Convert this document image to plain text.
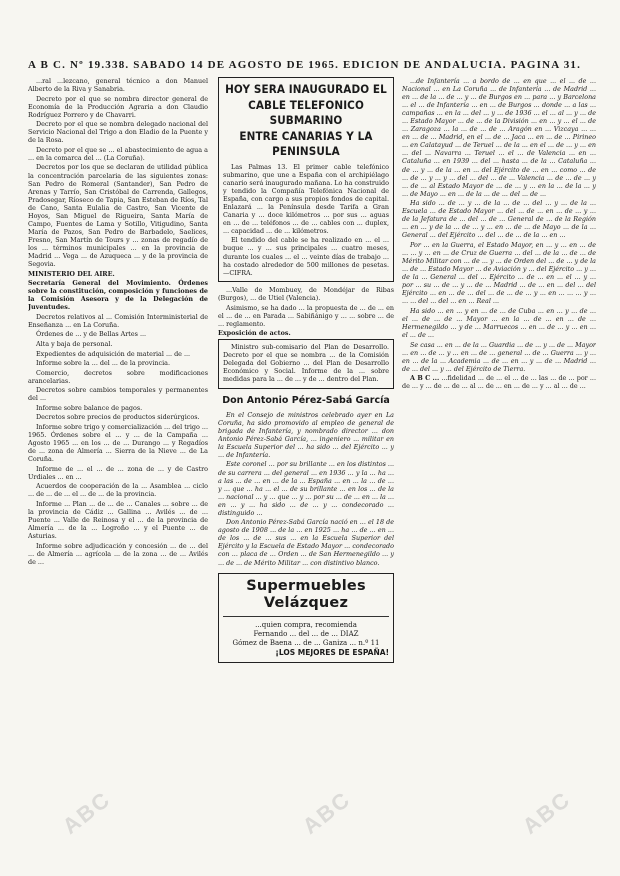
A B C. Nº 19.338. SABADO 14 DE AGOSTO DE 1965. EDICION DE ANDALUCIA. PAGINA 31.

...ral ...lezcano, general técnico a don Manuel Alberto de la Riva y Sanabria.

Decreto por el que se nombra director general de Economía de la Producción Agraria a don Claudio Rodríguez Porrero y de Chavarri.

Decreto por el que se nombra delegado nacional del Servicio Nacional del Trigo a don Eladio de la Puente y de la Rosa.

Decreto por el que se ... el abastecimiento de agua a ... en la comarca del ... (La Coruña).

Decretos por los que se declaran de utilidad pública la concentración parcelaria de las siguientes zonas: San Pedro de Romeral (Santander), San Pedro de Arenas y Tarrío, San Cristóbal de Carrenda, Gallegos, Pradosegar, Ríoseco de Tapia, San Esteban de Ríos, Tal de Cano, Santa Eulalia de Castro, San Vicente de Hoyos, San Miguel de Rigueira, Santa María de Campo, Fuentes de Lama y Sotillo, Vitigudino, Santa María de Pazos, San Pedro de Barbadelo, Saelices, Fresno, San Martín de Tours y ... zonas de regadío de los ... términos municipales ... en la provincia de Madrid ... Vega ... de Azuqueca ... y de la provincia de Segovia.

MINISTERIO DEL AIRE.

Secretaría General del Movimiento. Órdenes sobre la constitución, composición y funciones de la Comisión Asesora y de la Delegación de Juventudes.

Decretos relativos al ... Comisión Interministerial de Enseñanza ... en La Coruña.

Órdenes de ... y de Bellas Artes ...

Alta y baja de personal.

Expedientes de adquisición de material ... de ...

Informe sobre la ... del ... de la provincia.

Comercio, decretos sobre modificaciones arancelarias.

Decretos sobre cambios temporales y permanentes del ...

Informe sobre balance de pagos.

Decretos sobre precios de productos siderúrgicos.

Informe sobre trigo y comercialización ... del trigo ... 1965. Órdenes sobre el ... y ... de la Campaña ... Agosto 1965 ... en los ... de ... Durango ... y Regadíos de ... zona de Almería ... Sierra de la Nieve ... de La Coruña.

Informe de ... el ... de ... zona de ... y de Castro Urdiales ... en ...

Acuerdos de cooperación de la ... Asamblea ... ciclo ... de ... de ... el ... de ... de la provincia.

Informe ... Plan ... de ... de ... Canales ... sobre ... de la provincia de Cádiz ... Gallina ... Avilés ... de ... Puente ... Valle de Reinosa y el ... de la provincia de Almería ... de la ... Logroño ... y el Puente ... de Asturias.

Informe sobre adjudicación y concesión ... de ... del ... de Almería ... agrícola ... de la zona ... de ... Avilés de ...

HOY SERA INAUGURADO EL
CABLE TELEFONICO SUBMARINO
ENTRE CANARIAS Y LA PENINSULA

Las Palmas 13. El primer cable telefónico submarino, que une a España con el archipiélago canario será inaugurado mañana. Lo ha construido y tendido la Compañía Telefónica Nacional de España, con cargo a sus propios fondos de capital. Enlazará ... la Península desde Tarifa a Gran Canaria y ... doce kilómetros ... por sus ... aguas en ... de ... teléfonos ... de ... cables con ... duplex, ... capacidad ... de ... kilómetros.

El tendido del cable se ha realizado en ... el ... buque ... y ... sus principales ... cuatro meses, durante los cuales ... el ... veinte días de trabajo ... ha costado alrededor de 500 millones de pesetas.—CIFRA.

...Valle de Mombuey, de Mondéjar de Ribas (Burgos), ... de Utiel (Valencia).

Asimismo, se ha dado ... la propuesta de ... de ... en el ... de ... en Parada ... Sabiñánigo y ... ... sobre ... de ... reglamento.

Exposición de actos.

Ministro sub-comisario del Plan de Desarrollo. Decreto por el que se nombra ... de la Comisión Delegada del Gobierno ... del Plan de Desarrollo Económico y Social. Informe de la ... sobre medidas para la ... de ... y de ... dentro del Plan.

Don Antonio Pérez-Sabá García

En el Consejo de ministros celebrado ayer en La Coruña, ha sido promovido al empleo de general de brigada de Infantería, y nombrado director ... don Antonio Pérez-Sabá García, ... ingeniero ... militar en la Escuela Superior del ... ha sido ... del Ejército ... y ... de Infantería.

Este coronel ... por su brillante ... en los distintos ... de su carrera ... del general ... en 1936 ... y la ... ha ... a las ... de ... en ... de la ... España ... en ... la ... de ... y ... que ... ha ... el ... de su brillante ... en los ... de la ... nacional ... y ... que ... y ... por su ... de ... en ... la ... en ... y ... ha sido ... de ... y ... condecorado ... distinguido ...

Don Antonio Pérez-Sabá García nació en ... el 18 de agosto de 1908 ... de la ... en 1925 ... ha ... de ... en ... de los ... de ... sus ... en la Escuela Superior del Ejército y la Escuela de Estado Mayor ... condecorado con ... placa de ... Orden ... de San Hermenegildo ... y ... de ... de Mérito Militar ... con distintivo blanco.

Supermuebles Velázquez
...quien compra, recomienda
Fernando ... del ... de ... DIAZ
Gómez de Baena ... de ... Ganiza ... n.º 11
¡LOS MEJORES DE ESPAÑA!

...de Infantería ... a bordo de ... en que ... el ... de ... Nacional ... en La Coruña ... de Infantería ... de Madrid ... en ... de la ... de ... y ... de Burgos en ... para ... y Barcelona ... el ... de Infantería ... en ... de Burgos ... donde ... a las ... campañas ... en la ... del ... y ... de 1936 ... el ... al ... y ... de ... Estado Mayor ... de ... de la División ... en ... y ... el ... de ... Zaragoza ... la ... de ... de ... Aragón en ... Vizcaya ... ... en ... de ... Madrid, en el ... de ... Jaca ... en ... de ... Pirineo ... en Calatayud ... de Teruel ... de la ... en el ... de ... y ... en ... del ... Navarra ... Teruel ... el ... de Valencia ... en ... Cataluña ... en 1939 ... del ... hasta ... de la ... Cataluña ... de ... y ... de la ... en ... del Ejército de ... en ... como ... de ... de ... y ... y ... del ... del ... de ... Valencia ... de ... de ... y ... de ... al Estado Mayor de ... de ... y ... en la ... de la ... y ... de Mayo ... en ... de la ... de ... del ... de ...

Ha sido ... de ... y ... de la ... de ... del ... y ... de la ... Escuela ... de Estado Mayor ... del ... de ... en ... de ... y ... de la Jefatura de ... del ... de ... General de ... de la Región ... en ... y de la ... de ... y ... en ... de ... de Mayo ... de la ... General ... del Ejército ... del ... de ... de la ... en ...

Por ... en la Guerra, el Estado Mayor, en ... y ... en ... de ... ... y ... en ... de Cruz de Guerra ... del ... de la ... de ... de Mérito Militar con ... de ... y ... de Orden del ... de ... y de la ... de ... Estado Mayor ... de Aviación y ... del Ejército ... y ... de la ... General ... del ... Ejército ... de ... en ... el ... y ... por ... su ... de ... y ... de ... Madrid ... de ... en ... del ... del Ejército ... en ... de ... del ... de ... de ... y ... en ... ... ... y ... ... ... del ... del ... en ... Real ...

Ha sido ... en ... y en ... de ... de Cuba ... en ... y ... de ... el ... de ... de ... Mayor ... en la ... de ... en ... de ... Hermenegildo ... y de ... Marruecos ... en ... de ... y ... en ... el ... de ...

Se casa ... en ... de la ... Guardia ... de ... y ... de ... Mayor ... en ... de ... y ... en ... de ... general ... de ... Guerra ... y ... en ... de la ... Academia ... de ... en ... y ... de ... Madrid ... de ... del ... y ... del Ejército de Tierra.

A B C ... ...fidelidad ... de ... el ... de ... las ... de ... por ... de ... y ... de ... de ... al ... de ... en ... de ... y ... al ... de ...

ABC	ABC	ABC
